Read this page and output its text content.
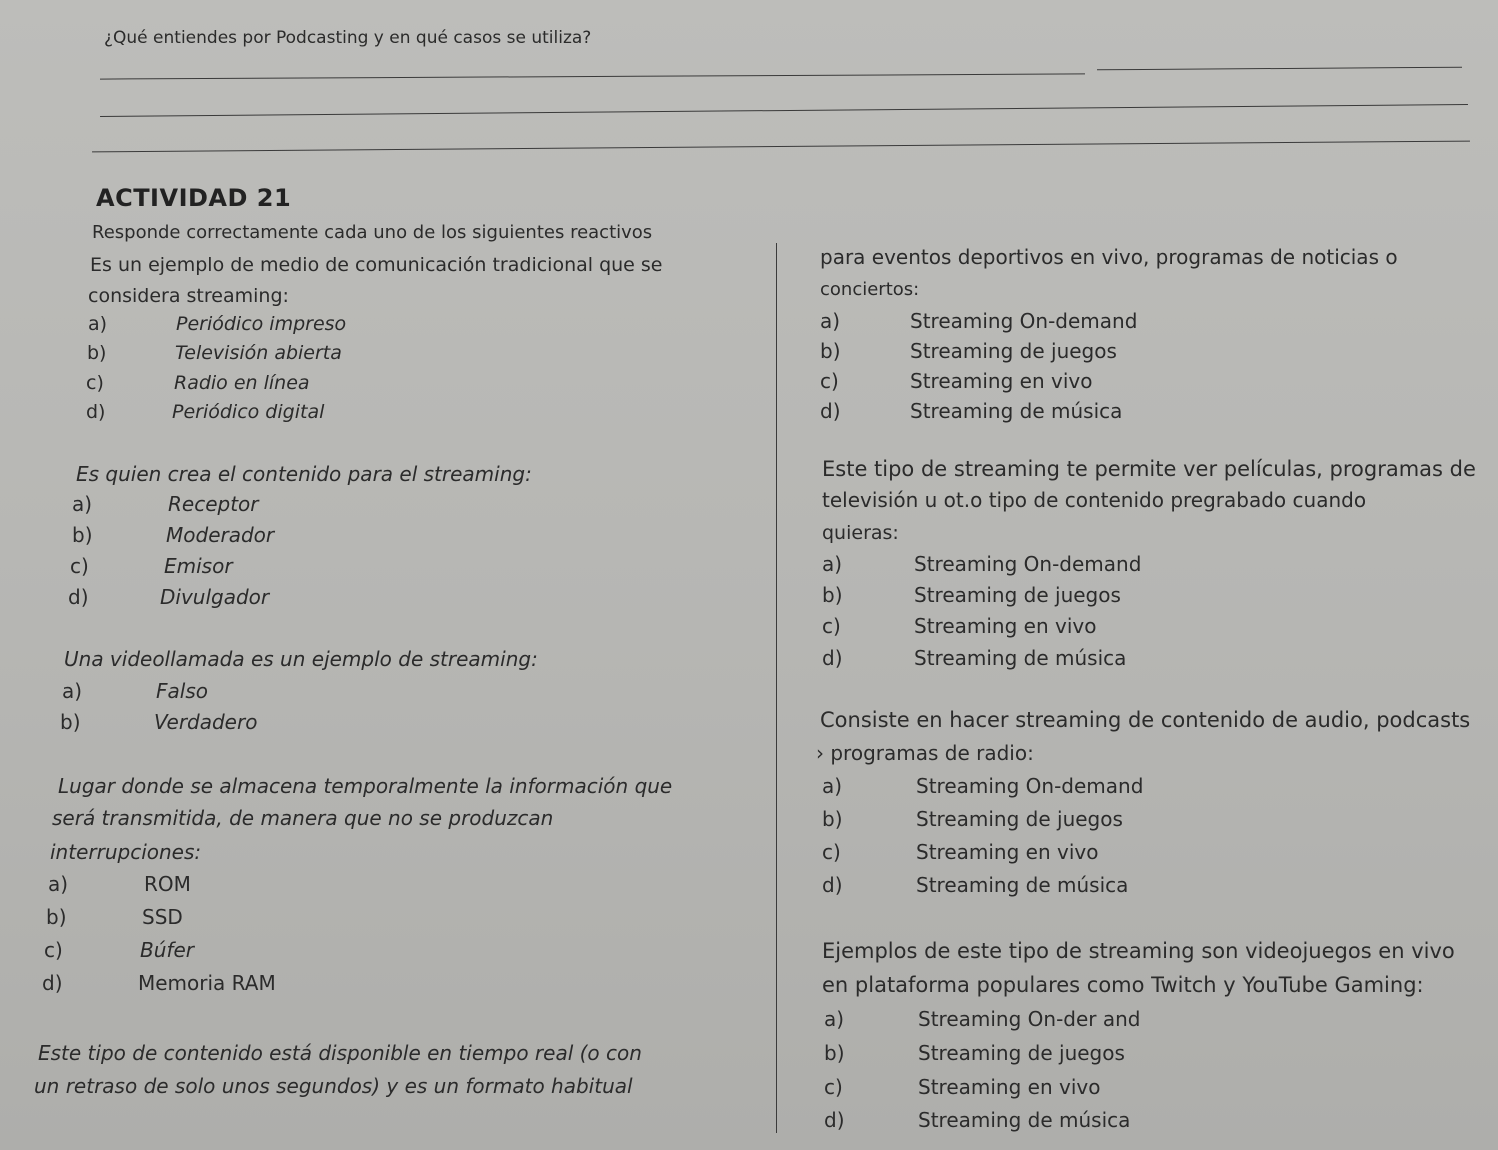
¿Qué entiendes por Podcasting y en qué casos se utiliza?
ACTIVIDAD 21
Responde correctamente cada uno de los siguientes reactivos
Es un ejemplo de medio de comunicación tradicional que se
considera streaming:
a)	Periódico impreso
b)	Televisión abierta
c)	Radio en línea
d)	Periódico digital
Es quien crea el contenido para el streaming:
a)	Receptor
b)	Moderador
c)	Emisor
d)	Divulgador
Una videollamada es un ejemplo de streaming:
a)	Falso
b)	Verdadero
Lugar donde se almacena temporalmente la información que
será transmitida, de manera que no se produzcan
interrupciones:
a)	ROM
b)	SSD
c)	Búfer
d)	Memoria RAM
Este tipo de contenido está disponible en tiempo real (o con
un retraso de solo unos segundos) y es un formato habitual
para eventos deportivos en vivo, programas de noticias o
conciertos:
a)	Streaming On-demand
b)	Streaming de juegos
c)	Streaming en vivo
d)	Streaming de música
Este tipo de streaming te permite ver películas, programas de
televisión u ot.o tipo de contenido pregrabado cuando
quieras:
a)	Streaming On-demand
b)	Streaming de juegos
c)	Streaming en vivo
d)	Streaming de música
Consiste en hacer streaming de contenido de audio, podcasts
› programas de radio:
a)	Streaming On-demand
b)	Streaming de juegos
c)	Streaming en vivo
d)	Streaming de música
Ejemplos de este tipo de streaming son videojuegos en vivo
en plataforma populares como Twitch y YouTube Gaming:
a)	Streaming On-der and
b)	Streaming de juegos
c)	Streaming en vivo
d)	Streaming de música
